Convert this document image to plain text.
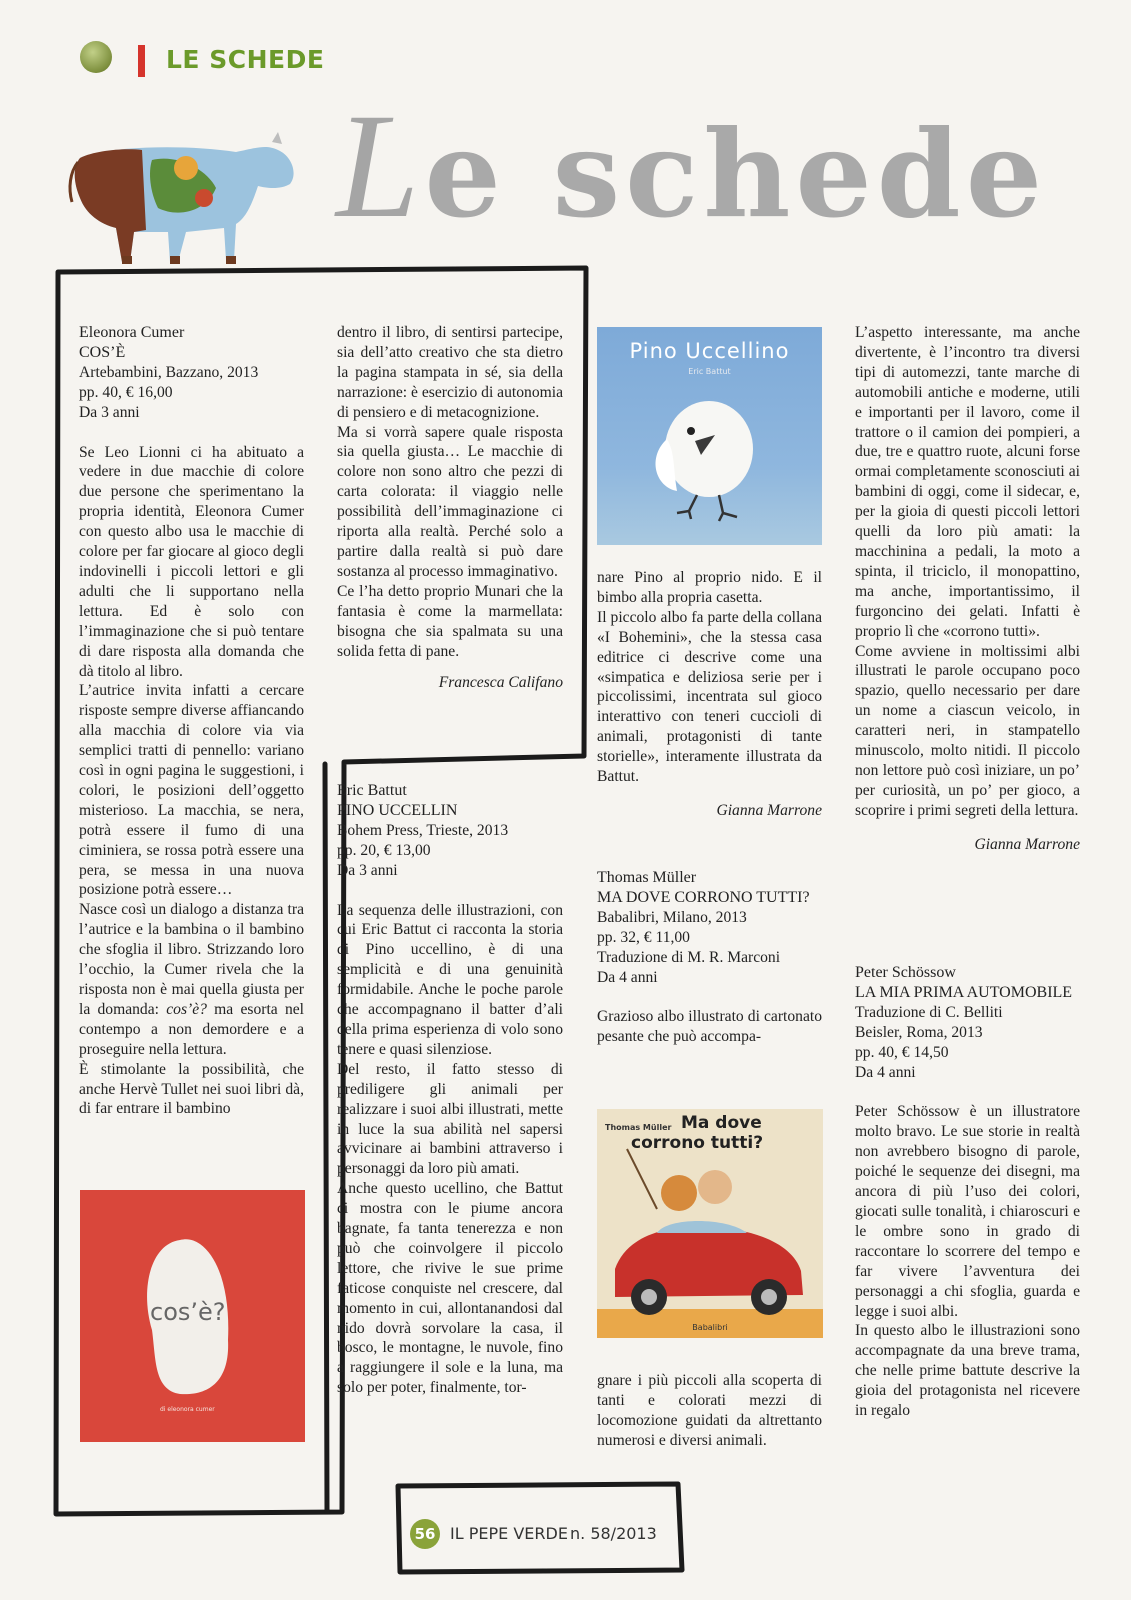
LE SCHEDE
Le schede

Eleonora Cumer

COS’È

Artebambini, Bazzano, 2013

pp. 40, € 16,00

Da 3 anni

Se Leo Lionni ci ha abituato a vedere in due macchie di colore due persone che sperimentano la propria identità, Eleonora Cumer con questo albo usa le macchie di colore per far giocare al gioco degli indovinelli i piccoli lettori e gli adulti che li supportano nella lettura. Ed è solo con l’immaginazione che si può tentare di dare risposta alla domanda che dà titolo al libro.

L’autrice invita infatti a cercare risposte sempre diverse affiancando alla macchia di colore via via semplici tratti di pennello: variano così in ogni pagina le suggestioni, i colori, le posizioni dell’oggetto misterioso. La macchia, se nera, potrà essere il fumo di una ciminiera, se rossa potrà essere una pera, se messa in una nuova posizione potrà essere…

Nasce così un dialogo a distanza tra l’autrice e la bambina o il bambino che sfoglia il libro. Strizzando loro l’occhio, la Cumer rivela che la risposta non è mai quella giusta per la domanda: cos’è? ma esorta nel contempo a non demordere e a proseguire nella lettura.

È stimolante la possibilità, che anche Hervè Tullet nei suoi libri dà, di far entrare il bambino

cos’è?
di eleonora cumer

dentro il libro, di sentirsi partecipe, sia dell’atto creativo che sta dietro la pagina stampata in sé, sia della narrazione: è esercizio di autonomia di pensiero e di metacognizione.

Ma si vorrà sapere quale risposta sia quella giusta… Le macchie di colore non sono altro che pezzi di carta colorata: il viaggio nelle possibilità dell’immaginazione ci riporta alla realtà. Perché solo a partire dalla realtà si può dare sostanza al processo immaginativo.

Ce l’ha detto proprio Munari che la fantasia è come la marmellata: bisogna che sia spalmata su una solida fetta di pane.

Francesca Califano

Eric Battut

PINO UCCELLIN

Bohem Press, Trieste, 2013

pp. 20, € 13,00

Da 3 anni

La sequenza delle illustrazioni, con cui Eric Battut ci racconta la storia di Pino uccellino, è di una semplicità e di una genuinità formidabile. Anche le poche parole che accompagnano il batter d’ali della prima esperienza di volo sono tenere e quasi silenziose.

Del resto, il fatto stesso di prediligere gli animali per realizzare i suoi albi illustrati, mette in luce la sua abilità nel sapersi avvicinare ai bambini attraverso i personaggi da loro più amati.

Anche questo ucellino, che Battut ci mostra con le piume ancora bagnate, fa tanta tenerezza e non può che coinvolgere il piccolo lettore, che rivive le sue prime faticose conquiste nel crescere, dal momento in cui, allontanandosi dal nido dovrà sorvolare la casa, il bosco, le montagne, le nuvole, fino a raggiungere il sole e la luna, ma solo per poter, finalmente, tor-

Pino Uccellino
Eric Battut

nare Pino al proprio nido. E il bimbo alla propria casetta.

Il piccolo albo fa parte della collana «I Bohemini», che la stessa casa editrice ci descrive come una «simpatica e deliziosa serie per i piccolissimi, incentrata sul gioco interattivo con teneri cuccioli di animali, protagonisti di tante storielle», interamente illustrata da Battut.

Gianna Marrone

Thomas Müller

MA DOVE CORRONO TUTTI?

Babalibri, Milano, 2013

pp. 32, € 11,00

Traduzione di M. R. Marconi

Da 4 anni

Grazioso albo illustrato di cartonato pesante che può accompa-

Thomas Müller Ma dove
corrono tutti?
Babalibri

gnare i più piccoli alla scoperta di tanti e colorati mezzi di locomozione guidati da altrettanto numerosi e diversi animali.

L’aspetto interessante, ma anche divertente, è l’incontro tra diversi tipi di automezzi, tante marche di automobili antiche e moderne, utili e importanti per il lavoro, come il trattore o il camion dei pompieri, a due, tre e quattro ruote, alcuni forse ormai completamente sconosciuti ai bambini di oggi, come il sidecar, e, per la gioia di questi piccoli lettori quelli da loro più amati: la macchinina a pedali, la moto a spinta, il triciclo, il monopattino, ma anche, importantissimo, il furgoncino dei gelati. Infatti è proprio lì che «corrono tutti».

Come avviene in moltissimi albi illustrati le parole occupano poco spazio, quello necessario per dare un nome a ciascun veicolo, in caratteri neri, in stampatello minuscolo, molto nitidi. Il piccolo non lettore può così iniziare, un po’ per curiosità, un po’ per gioco, a scoprire i primi segreti della lettura.

Gianna Marrone

Peter Schössow

LA MIA PRIMA AUTOMOBILE

Traduzione di C. Belliti

Beisler, Roma, 2013

pp. 40, € 14,50

Da 4 anni

Peter Schössow è un illustratore molto bravo. Le sue storie in realtà non avrebbero bisogno di parole, poiché le sequenze dei disegni, ma ancora di più l’uso dei colori, giocati sulle tonalità, i chiaroscuri e le ombre sono in grado di raccontare lo scorrere del tempo e far vivere l’avventura dei personaggi a chi sfoglia, guarda e legge i suoi albi.

In questo albo le illustrazioni sono accompagnate da una breve trama, che nelle prime battute descrive la gioia del protagonista nel ricevere in regalo

56 IL PEPE VERDE n. 58/2013
